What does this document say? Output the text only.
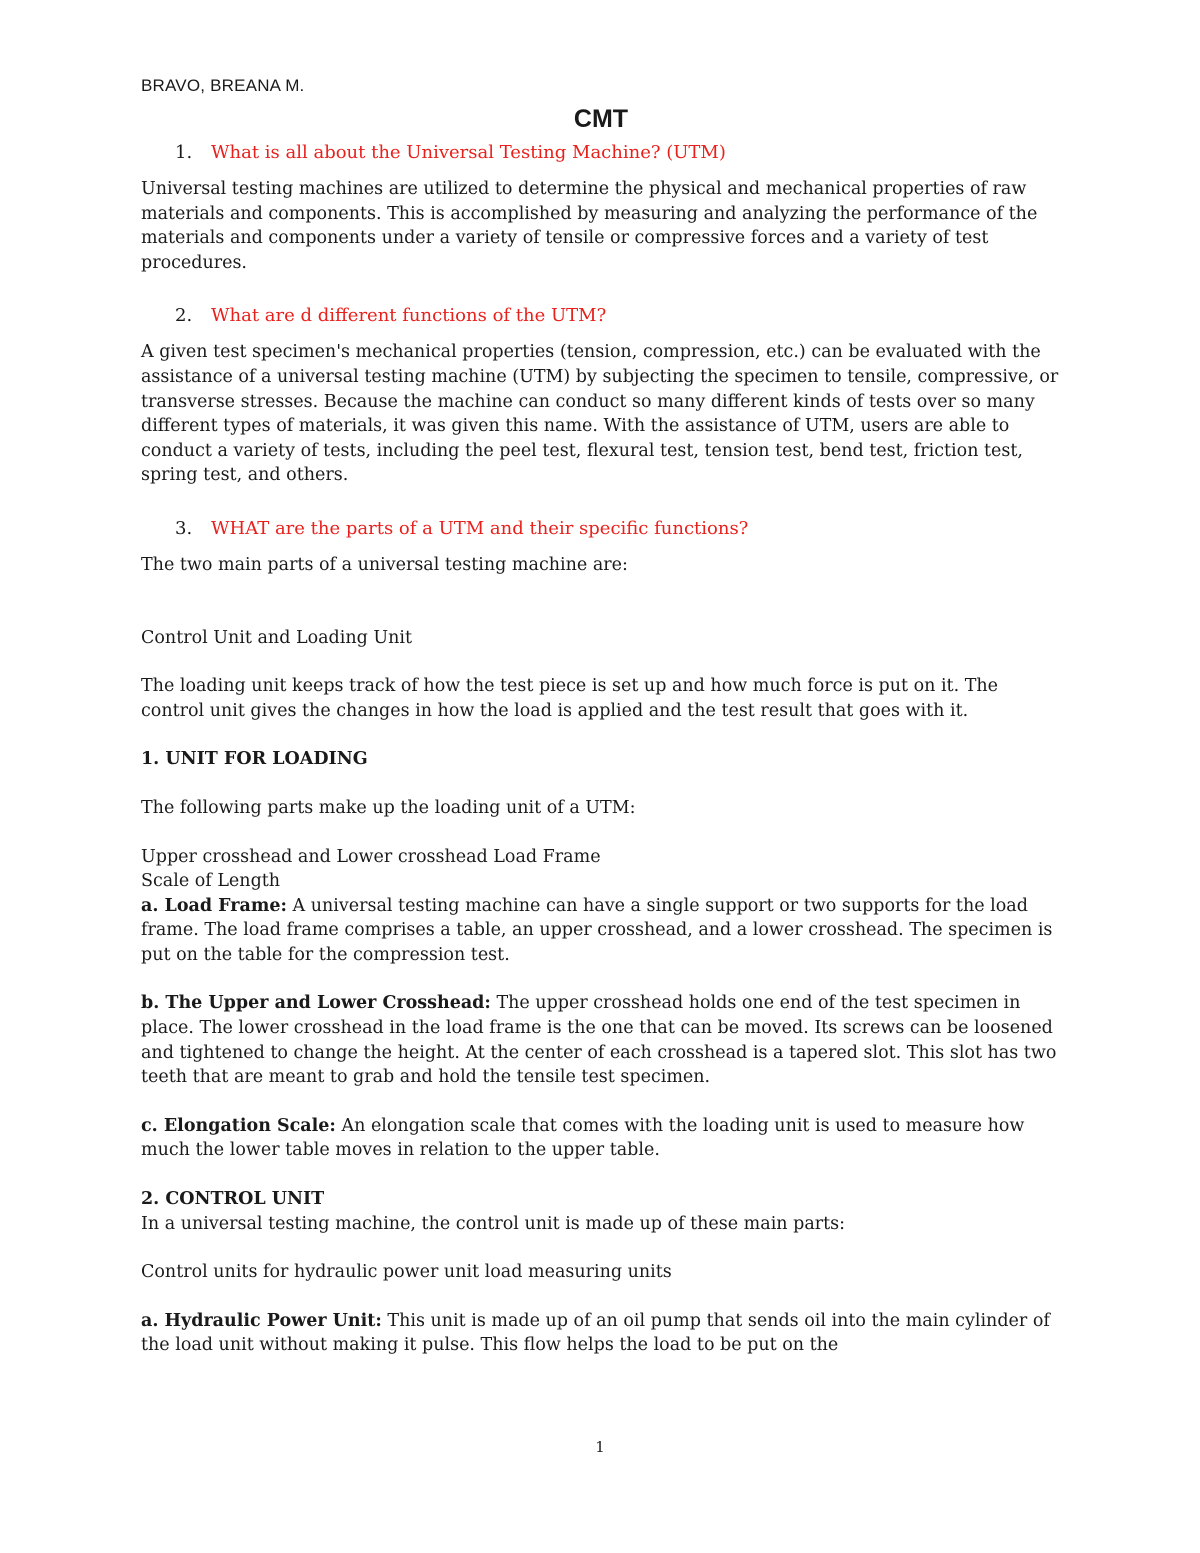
BRAVO, BREANA M.

CMT
1. What is all about the Universal Testing Machine? (UTM)

Universal testing machines are utilized to determine the physical and mechanical properties of raw materials and components. This is accomplished by measuring and analyzing the performance of the materials and components under a variety of tensile or compressive forces and a variety of test procedures.

2. What are d different functions of the UTM?

A given test specimen's mechanical properties (tension, compression, etc.) can be evaluated with the assistance of a universal testing machine (UTM) by subjecting the specimen to tensile, compressive, or transverse stresses. Because the machine can conduct so many different kinds of tests over so many different types of materials, it was given this name. With the assistance of UTM, users are able to conduct a variety of tests, including the peel test, flexural test, tension test, bend test, friction test, spring test, and others.

3. WHAT are the parts of a UTM and their specific functions?

The two main parts of a universal testing machine are:

Control Unit and Loading Unit

The loading unit keeps track of how the test piece is set up and how much force is put on it. The control unit gives the changes in how the load is applied and the test result that goes with it.

1. UNIT FOR LOADING

The following parts make up the loading unit of a UTM:

Upper crosshead and Lower crosshead Load Frame

Scale of Length

a. Load Frame: A universal testing machine can have a single support or two supports for the load frame. The load frame comprises a table, an upper crosshead, and a lower crosshead. The specimen is put on the table for the compression test.

b. The Upper and Lower Crosshead: The upper crosshead holds one end of the test specimen in place. The lower crosshead in the load frame is the one that can be moved. Its screws can be loosened and tightened to change the height. At the center of each crosshead is a tapered slot. This slot has two teeth that are meant to grab and hold the tensile test specimen.

c. Elongation Scale: An elongation scale that comes with the loading unit is used to measure how much the lower table moves in relation to the upper table.

2. CONTROL UNIT

In a universal testing machine, the control unit is made up of these main parts:

Control units for hydraulic power unit load measuring units

a. Hydraulic Power Unit: This unit is made up of an oil pump that sends oil into the main cylinder of the load unit without making it pulse. This flow helps the load to be put on the

1
